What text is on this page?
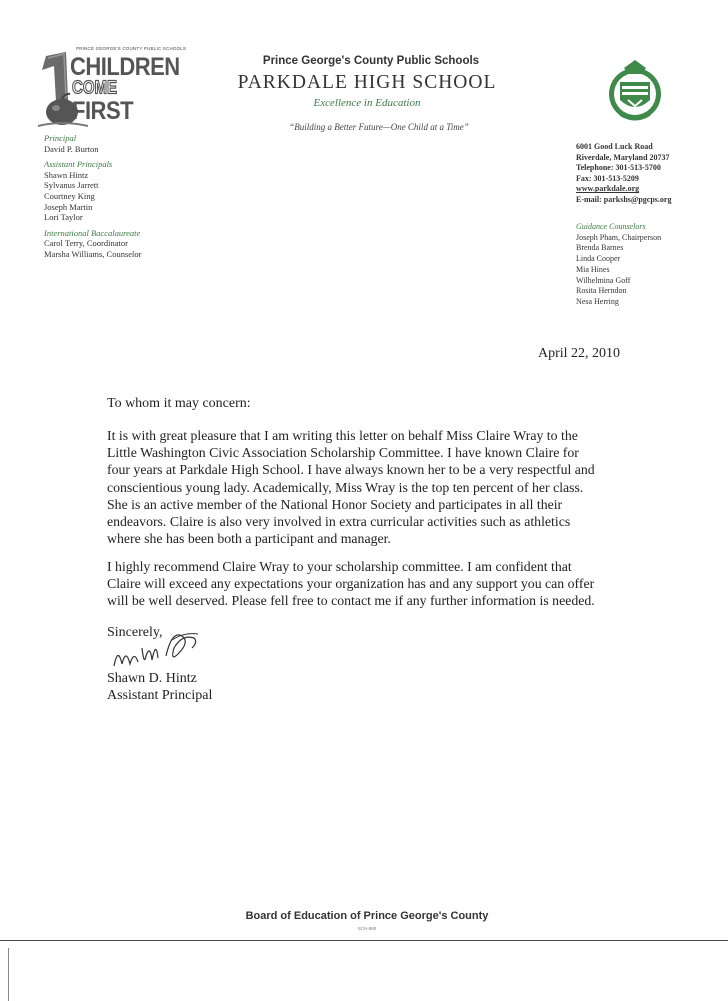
PRINCE GEORGE'S COUNTY PUBLIC SCHOOLS
CHILDREN
COME
FIRST
Prince George's County Public Schools
PARKDALE HIGH SCHOOL
Excellence in Education
“Building a Better Future—One Child at a Time”
Principal
David P. Burton
Assistant Principals
Shawn Hintz
Sylvanus Jarrett
Courtney King
Joseph Martin
Lori Taylor
International Baccalaureate
Carol Terry, Coordinator
Marsha Williams, Counselor
6001 Good Luck Road
Riverdale, Maryland 20737
Telephone: 301-513-5700
Fax: 301-513-5209
www.parkdale.org
E-mail: parkshs@pgcps.org
Guidance Counselors
Joseph Pham, Chairperson
Brenda Barnes
Linda Cooper
Mia Hines
Wilhelmina Goff
Rosita Herndon
Nesa Herring
April 22, 2010
To whom it may concern:
It is with great pleasure that I am writing this letter on behalf Miss Claire Wray to the
Little Washington Civic Association Scholarship Committee. I have known Claire for
four years at Parkdale High School. I have always known her to be a very respectful and
conscientious young lady. Academically, Miss Wray is the top ten percent of her class.
She is an active member of the National Honor Society and participates in all their
endeavors. Claire is also very involved in extra curricular activities such as athletics
where she has been both a participant and manager.
I highly recommend Claire Wray to your scholarship committee. I am confident that
Claire will exceed any expectations your organization has and any support you can offer
will be well deserved. Please fell free to contact me if any further information is needed.
Sincerely,
Shawn D. Hintz
Assistant Principal
Board of Education of Prince George's County
SCH-880
